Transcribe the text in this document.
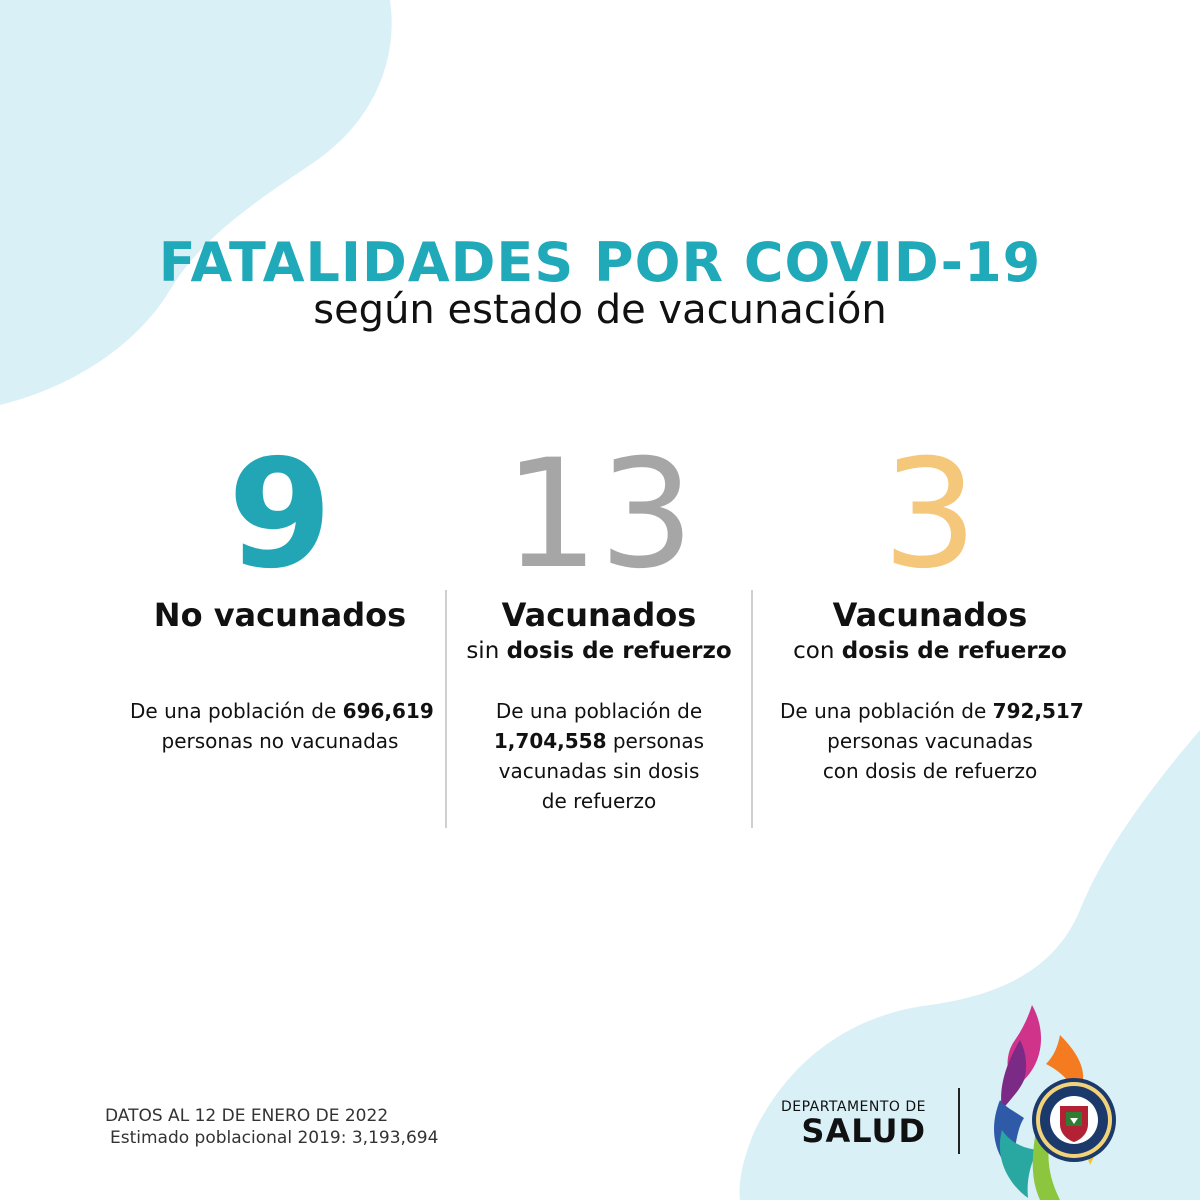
FATALIDADES POR COVID-19
según estado de vacunación
9
No vacunados
De una población de 696,619
personas no vacunadas
13
Vacunados
sin dosis de refuerzo
De una población de
1,704,558 personas
vacunadas sin dosis
de refuerzo
3
Vacunados
con dosis de refuerzo
De una población de 792,517
personas vacunadas
con dosis de refuerzo
DATOS AL 12 DE ENERO DE 2022
Estimado poblacional 2019: 3,193,694
DEPARTAMENTO DE
SALUD
